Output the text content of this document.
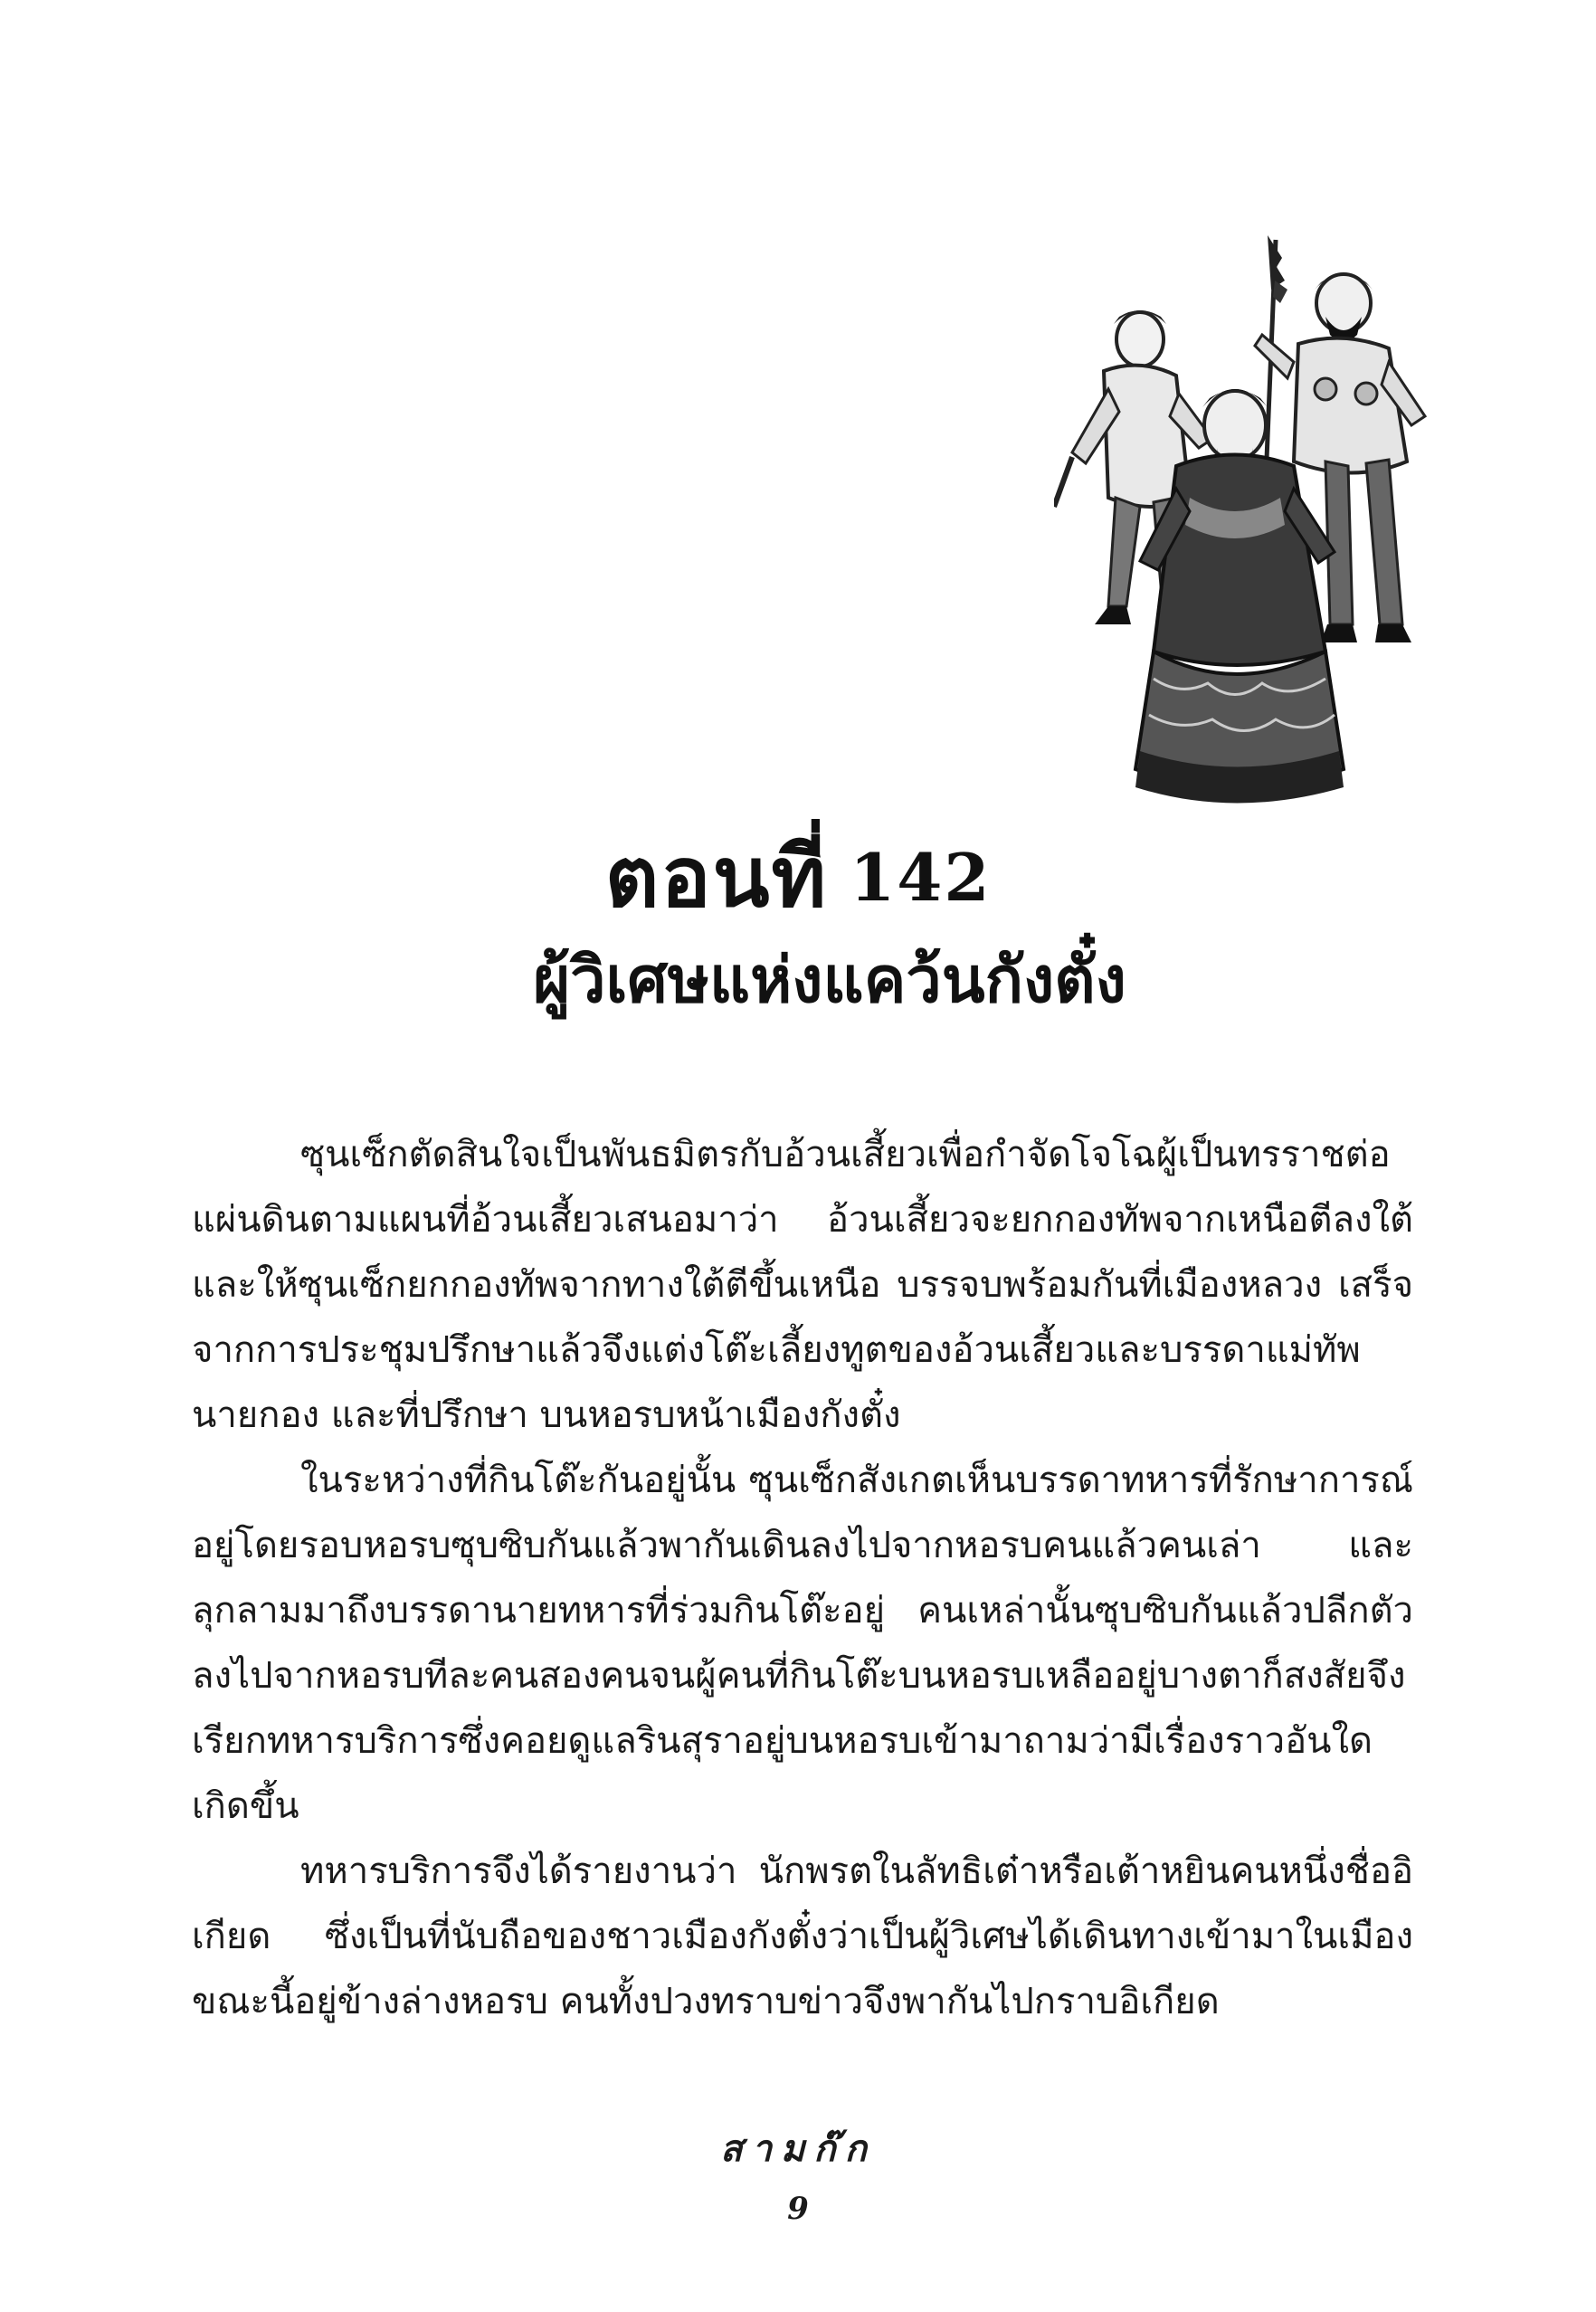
ตอนที่ 142
ผู้วิเศษแห่งแคว้นกังตั๋ง

ซุนเซ็กตัดสินใจเป็นพันธมิตรกับอ้วนเสี้ยวเพื่อกำจัดโจโฉผู้เป็นทรราชต่อแผ่นดินตามแผนที่อ้วนเสี้ยวเสนอมาว่า อ้วนเสี้ยวจะยกกองทัพจากเหนือตีลงใต้ และให้ซุนเซ็กยกกองทัพจากทางใต้ตีขึ้นเหนือ บรรจบพร้อมกันที่เมืองหลวง เสร็จจากการประชุมปรึกษาแล้วจึงแต่งโต๊ะเลี้ยงทูตของอ้วนเสี้ยวและบรรดาแม่ทัพนายกอง และที่ปรึกษา บนหอรบหน้าเมืองกังตั๋ง

ในระหว่างที่กินโต๊ะกันอยู่นั้น ซุนเซ็กสังเกตเห็นบรรดาทหารที่รักษาการณ์อยู่โดยรอบหอรบซุบซิบกันแล้วพากันเดินลงไปจากหอรบคนแล้วคนเล่า และลุกลามมาถึงบรรดานายทหารที่ร่วมกินโต๊ะอยู่ คนเหล่านั้นซุบซิบกันแล้วปลีกตัวลงไปจากหอรบทีละคนสองคนจนผู้คนที่กินโต๊ะบนหอรบเหลืออยู่บางตาก็สงสัยจึงเรียกทหารบริการซึ่งคอยดูแลรินสุราอยู่บนหอรบเข้ามาถามว่ามีเรื่องราวอันใดเกิดขึ้น

ทหารบริการจึงได้รายงานว่า นักพรตในลัทธิเต๋าหรือเต้าหยินคนหนึ่งชื่ออิเกียด ซึ่งเป็นที่นับถือของชาวเมืองกังตั๋งว่าเป็นผู้วิเศษได้เดินทางเข้ามาในเมืองขณะนี้อยู่ข้างล่างหอรบ คนทั้งปวงทราบข่าวจึงพากันไปกราบอิเกียด

สามก๊ก
9
